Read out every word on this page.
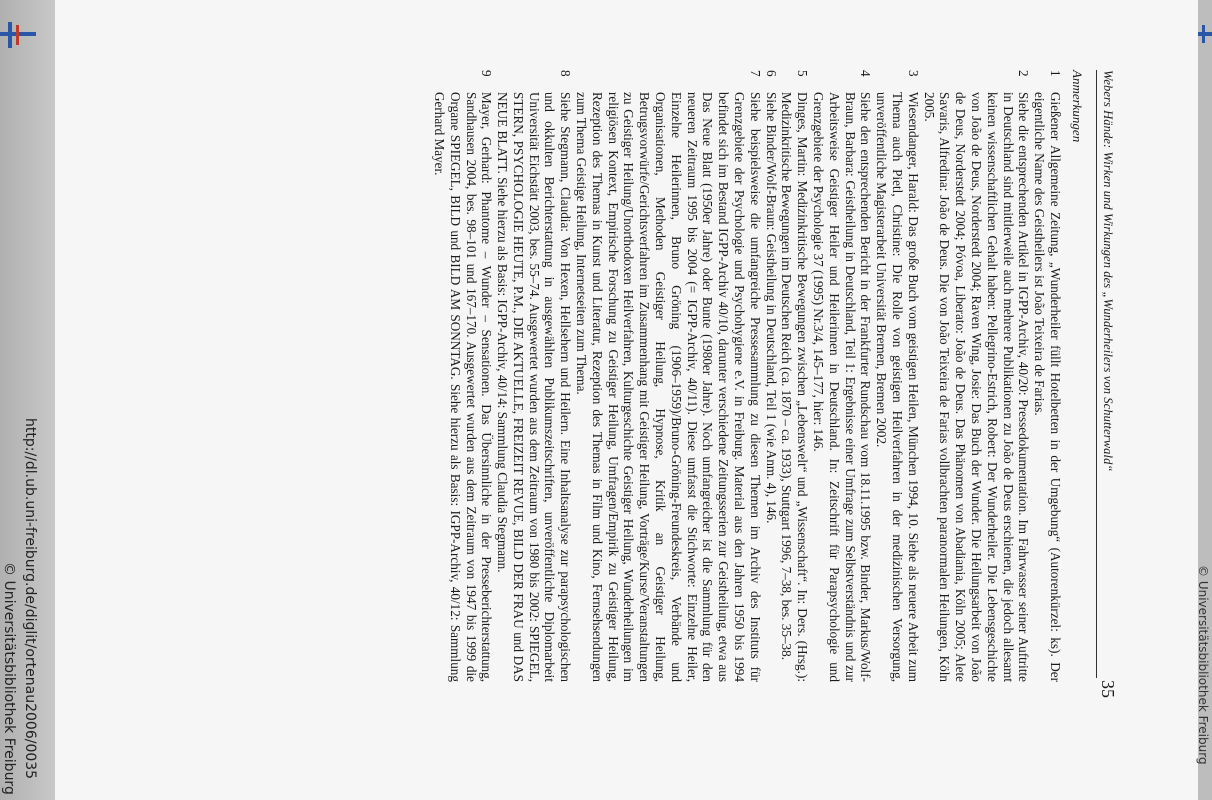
Webers Hände: Wirken und Wirkungen des „Wunderheilers von Schutterwald“
35
Anmerkungen

1
Gießener Allgemeine Zeitung, „Wunderheiler füllt Hotelbetten in der Umgebung“ (Autorenkürzel: ks). Der eigentliche Name des Geistheilers ist João Teixeira de Farias.

2
Siehe die entsprechenden Artikel in IGPP-Archiv, 40/20: Pressedokumentation. Im Fahrwasser seiner Auftritte in Deutschland sind mittlerweile auch mehrere Publikationen zu João de Deus erschienen, die jedoch allesamt keinen wissenschaftlichen Gehalt haben: Pellegrino-Estrich, Robert: Der Wunderheiler. Die Lebensgeschichte von João de Deus, Norderstedt 2004; Raven Wing, Josie: Das Buch der Wunder. Die Heilungsarbeit von João de Deus, Norderstedt 2004; Póvoa, Liberato: João de Deus. Das Phänomen von Abadiania, Köln 2005; Alete Savaris, Alfredina: João de Deus. Die von João Teixeira de Farias vollbrachten paranormalen Heilungen, Köln 2005.

3
Wiesendanger, Harald: Das große Buch vom geistigen Heilen, München 1994, 10. Siehe als neuere Arbeit zum Thema auch Pietl, Christine: Die Rolle von geistigen Heilverfahren in der medizinischen Versorgung, unveröffentliche Magisterarbeit Universität Bremen, Bremen 2002.

4
Siehe den entsprechenden Bericht in der Frankfurter Rundschau vom 18.11.1995 bzw. Binder, Markus/Wolf-Braun, Barbara: Geistheilung in Deutschland, Teil 1: Ergebnisse einer Umfrage zum Selbstverständnis und zur Arbeitsweise Geistiger Heiler und Heilerinnen in Deutschland. In: Zeitschrift für Parapsychologie und Grenzgebiete der Psychologie 37 (1995) Nr.3/4, 145–177, hier: 146.

5
Dinges, Martin: Medizinkritische Bewegungen zwischen „Lebenswelt“ und „Wissenschaft“. In: Ders. (Hrsg.): Medizinkritische Bewegungen im Deutschen Reich (ca. 1870 – ca. 1933), Stuttgart 1996, 7–38, bes. 35–38.

6
Siehe Binder/Wolf-Braun: Geistheilung in Deutschland, Teil 1 (wie Anm. 4), 146.

7
Siehe beispielsweise die umfangreiche Pressesammlung zu diesen Themen im Archiv des Instituts für Grenzgebiete der Psychologie und Psychohygiene e.V. in Freiburg. Material aus den Jahren 1950 bis 1994 befindet sich im Bestand IGPP-Archiv 40/10, darunter verschiedene Zeitungsserien zur Geistheilung, etwa aus Das Neue Blatt (1950er Jahre) oder Bunte (1980er Jahre). Noch umfangreicher ist die Sammlung für den neueren Zeitraum 1995 bis 2004 (= IGPP-Archiv, 40/11). Diese umfasst die Stichworte: Einzelne Heiler, Einzelne Heilerinnen, Bruno Gröning (1906–1959)/Bruno-Gröning-Freundeskreis, Verbände und Organisationen, Methoden Geistiger Heilung, Hypnose, Kritik an Geistiger Heilung, Betrugsvorwürfe/Gerichtsverfahren im Zusammenhang mit Geistiger Heilung, Vorträge/Kurse/Veranstaltungen zu Geistiger Heilung/Unorthodoxen Heilverfahren, Kulturgeschichte Geistiger Heilung, Wunderheilungen im religiösen Kontext, Empirische Forschung zu Geistiger Heilung, Umfragen/Empirik zu Geistiger Heilung, Rezeption des Themas in Kunst und Literatur, Rezeption des Themas in Film und Kino, Fernsehsendungen zum Thema Geistige Heilung, Internetseiten zum Thema.

8
Siehe Stegmann, Claudia: Von Hexen, Hellsehern und Heilern. Eine Inhaltsanalyse zur parapsychologischen und okkulten Berichterstattung in ausgewählten Publikumszeitschriften, unveröffentlichte Diplomarbeit Universität Eichstätt 2003, bes. 55–74. Ausgewertet wurden aus dem Zeitraum von 1980 bis 2002: SPIEGEL, STERN, PSYCHOLOGIE HEUTE, P.M., DIE AKTUELLE, FREIZEIT REVUE, BILD DER FRAU und DAS NEUE BLATT. Siehe hierzu als Basis: IGPP-Archiv, 40/14: Sammlung Claudia Stegmann.

9
Mayer, Gerhard: Phantome – Wunder – Sensationen. Das Übersinnliche in der Presseberichterstattung, Sandhausen 2004, bes. 98–101 und 167–170. Ausgewertet wurden aus dem Zeitraum von 1947 bis 1999 die Organe SPIEGEL, BILD und BILD AM SONNTAG. Siehe hierzu als Basis: IGPP-Archiv, 40/12: Sammlung Gerhard Mayer.

http://dl.ub.uni-freiburg.de/diglit/ortenau2006/0035
© Universitätsbibliothek Freiburg	© Universitätsbibliothek Freiburg
